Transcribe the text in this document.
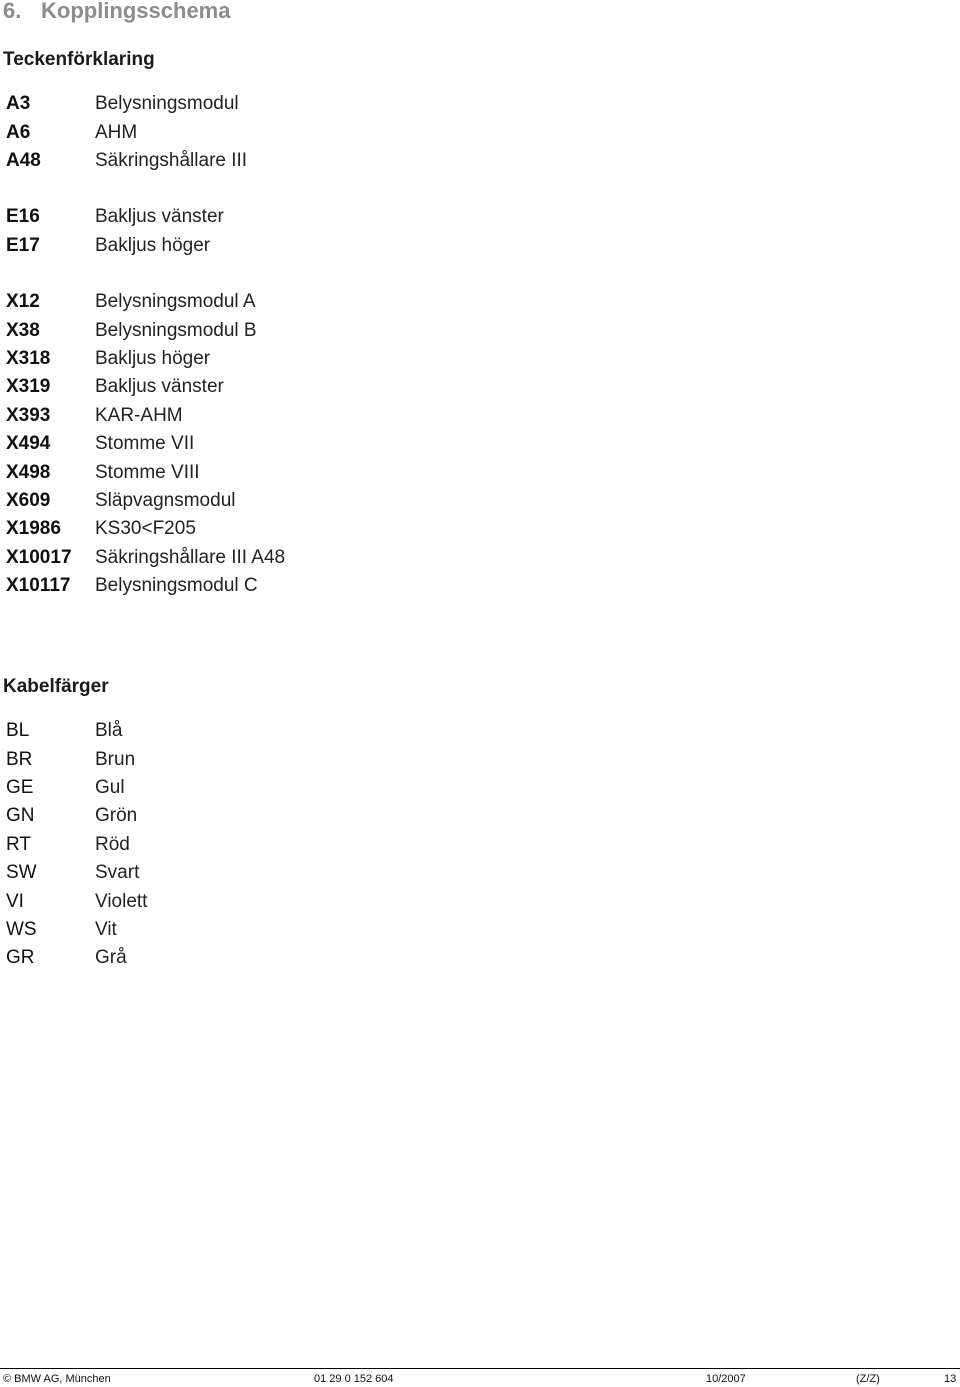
6. Kopplingsschema
Teckenförklaring
A3	Belysningsmodul
A6	AHM
A48	Säkringshållare III
E16	Bakljus vänster
E17	Bakljus höger
X12	Belysningsmodul A
X38	Belysningsmodul B
X318	Bakljus höger
X319	Bakljus vänster
X393	KAR-AHM
X494	Stomme VII
X498	Stomme VIII
X609	Släpvagnsmodul
X1986	KS30<F205
X10017	Säkringshållare III A48
X10117	Belysningsmodul C
Kabelfärger
BL	Blå
BR	Brun
GE	Gul
GN	Grön
RT	Röd
SW	Svart
VI	Violett
WS	Vit
GR	Grå
© BMW AG, München	01 29 0 152 604	10/2007	(Z/Z)	13
